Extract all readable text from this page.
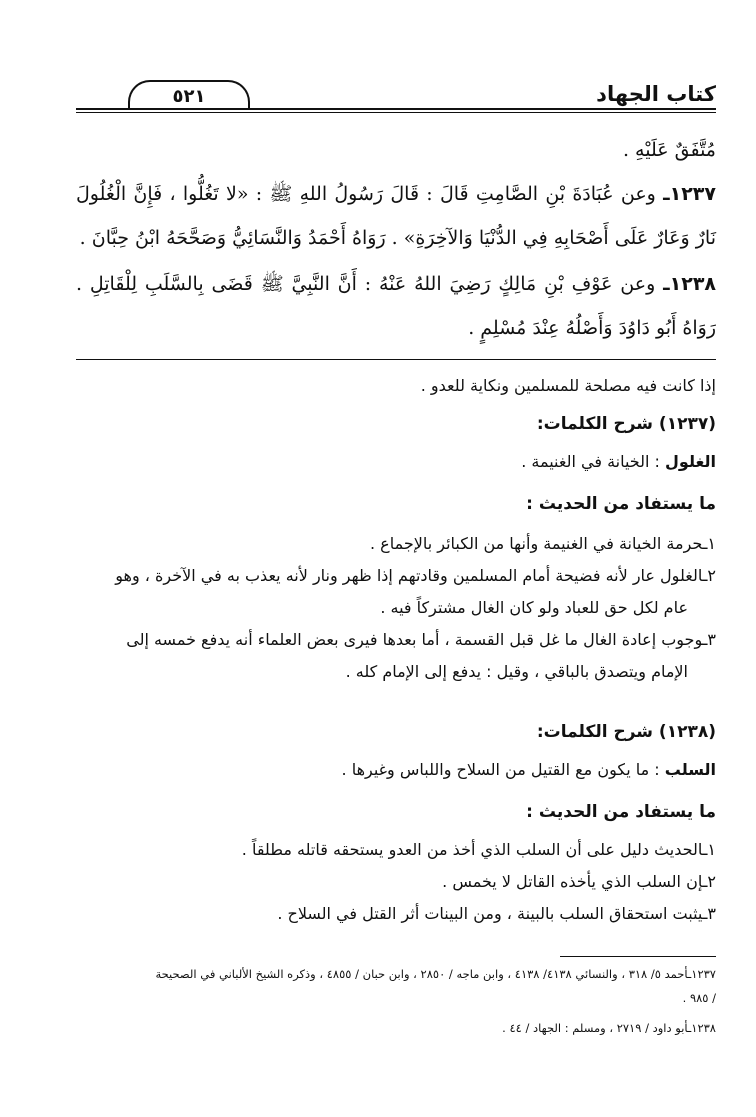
كتاب الجهاد
٥٢١
مُتَّفَقٌ عَلَيْهِ .
١٢٣٧ـ وعن عُبَادَةَ بْنِ الصَّامِتِ قَالَ : قَالَ رَسُولُ اللهِ ﷺ : «لا تَغُلُّوا ، فَإِنَّ الْغُلُولَ نَارٌ وَعَارٌ عَلَى أَصْحَابِهِ فِي الدُّنْيَا وَالآخِرَةِ» . رَوَاهُ أَحْمَدُ وَالنَّسَائِيُّ وَصَحَّحَهُ ابْنُ حِبَّانَ .
١٢٣٨ـ وعن عَوْفِ بْنِ مَالِكٍ رَضِيَ اللهُ عَنْهُ : أَنَّ النَّبِيَّ ﷺ قَضَى بِالسَّلَبِ لِلْقَاتِلِ . رَوَاهُ أَبُو دَاوُدَ وَأَصْلُهُ عِنْدَ مُسْلِمٍ .
إذا كانت فيه مصلحة للمسلمين ونكاية للعدو .
(١٢٣٧) شرح الكلمات:
الغلول : الخيانة في الغنيمة .
ما يستفاد من الحديث :
١ـحرمة الخيانة في الغنيمة وأنها من الكبائر بالإجماع .
٢ـالغلول عار لأنه فضيحة أمام المسلمين وقادتهم إذا ظهر ونار لأنه يعذب به في الآخرة ، وهو
عام لكل حق للعباد ولو كان الغال مشتركاً فيه .
٣ـوجوب إعادة الغال ما غل قبل القسمة ، أما بعدها فيرى بعض العلماء أنه يدفع خمسه إلى
الإمام ويتصدق بالباقي ، وقيل : يدفع إلى الإمام كله .
(١٢٣٨) شرح الكلمات:
السلب : ما يكون مع القتيل من السلاح واللباس وغيرها .
ما يستفاد من الحديث :
١ـالحديث دليل على أن السلب الذي أخذ من العدو يستحقه قاتله مطلقاً .
٢ـإن السلب الذي يأخذه القاتل لا يخمس .
٣ـيثبت استحقاق السلب بالبينة ، ومن البينات أثر القتل في السلاح .
١٢٣٧ـأحمد ٥/ ٣١٨ ، والنسائي ٤١٣٨/ ٤١٣٨ ، وابن ماجه / ٢٨٥٠ ، وابن حبان / ٤٨٥٥ ، وذكره الشيخ الألباني في الصحيحة
/ ٩٨٥ .
١٢٣٨ـأبو داود / ٢٧١٩ ، ومسلم : الجهاد / ٤٤ .
